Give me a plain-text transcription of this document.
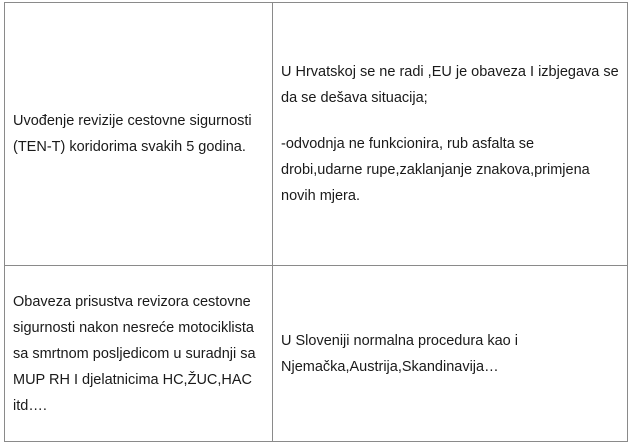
Uvođenje revizije cestovne sigurnosti (TEN-T) koridorima svakih 5 godina.	U Hrvatskoj se ne radi ,EU je obaveza I izbjegava se da se dešava situacija;

-odvodnja ne funkcionira, rub asfalta se drobi,udarne rupe,zaklanjanje znakova,primjena novih mjera.

Obaveza prisustva revizora cestovne sigurnosti nakon nesreće motociklista sa smrtnom posljedicom u suradnji sa MUP RH I djelatnicima HC,ŽUC,HAC itd….	U Sloveniji normalna procedura kao i Njemačka,Austrija,Skandinavija…
